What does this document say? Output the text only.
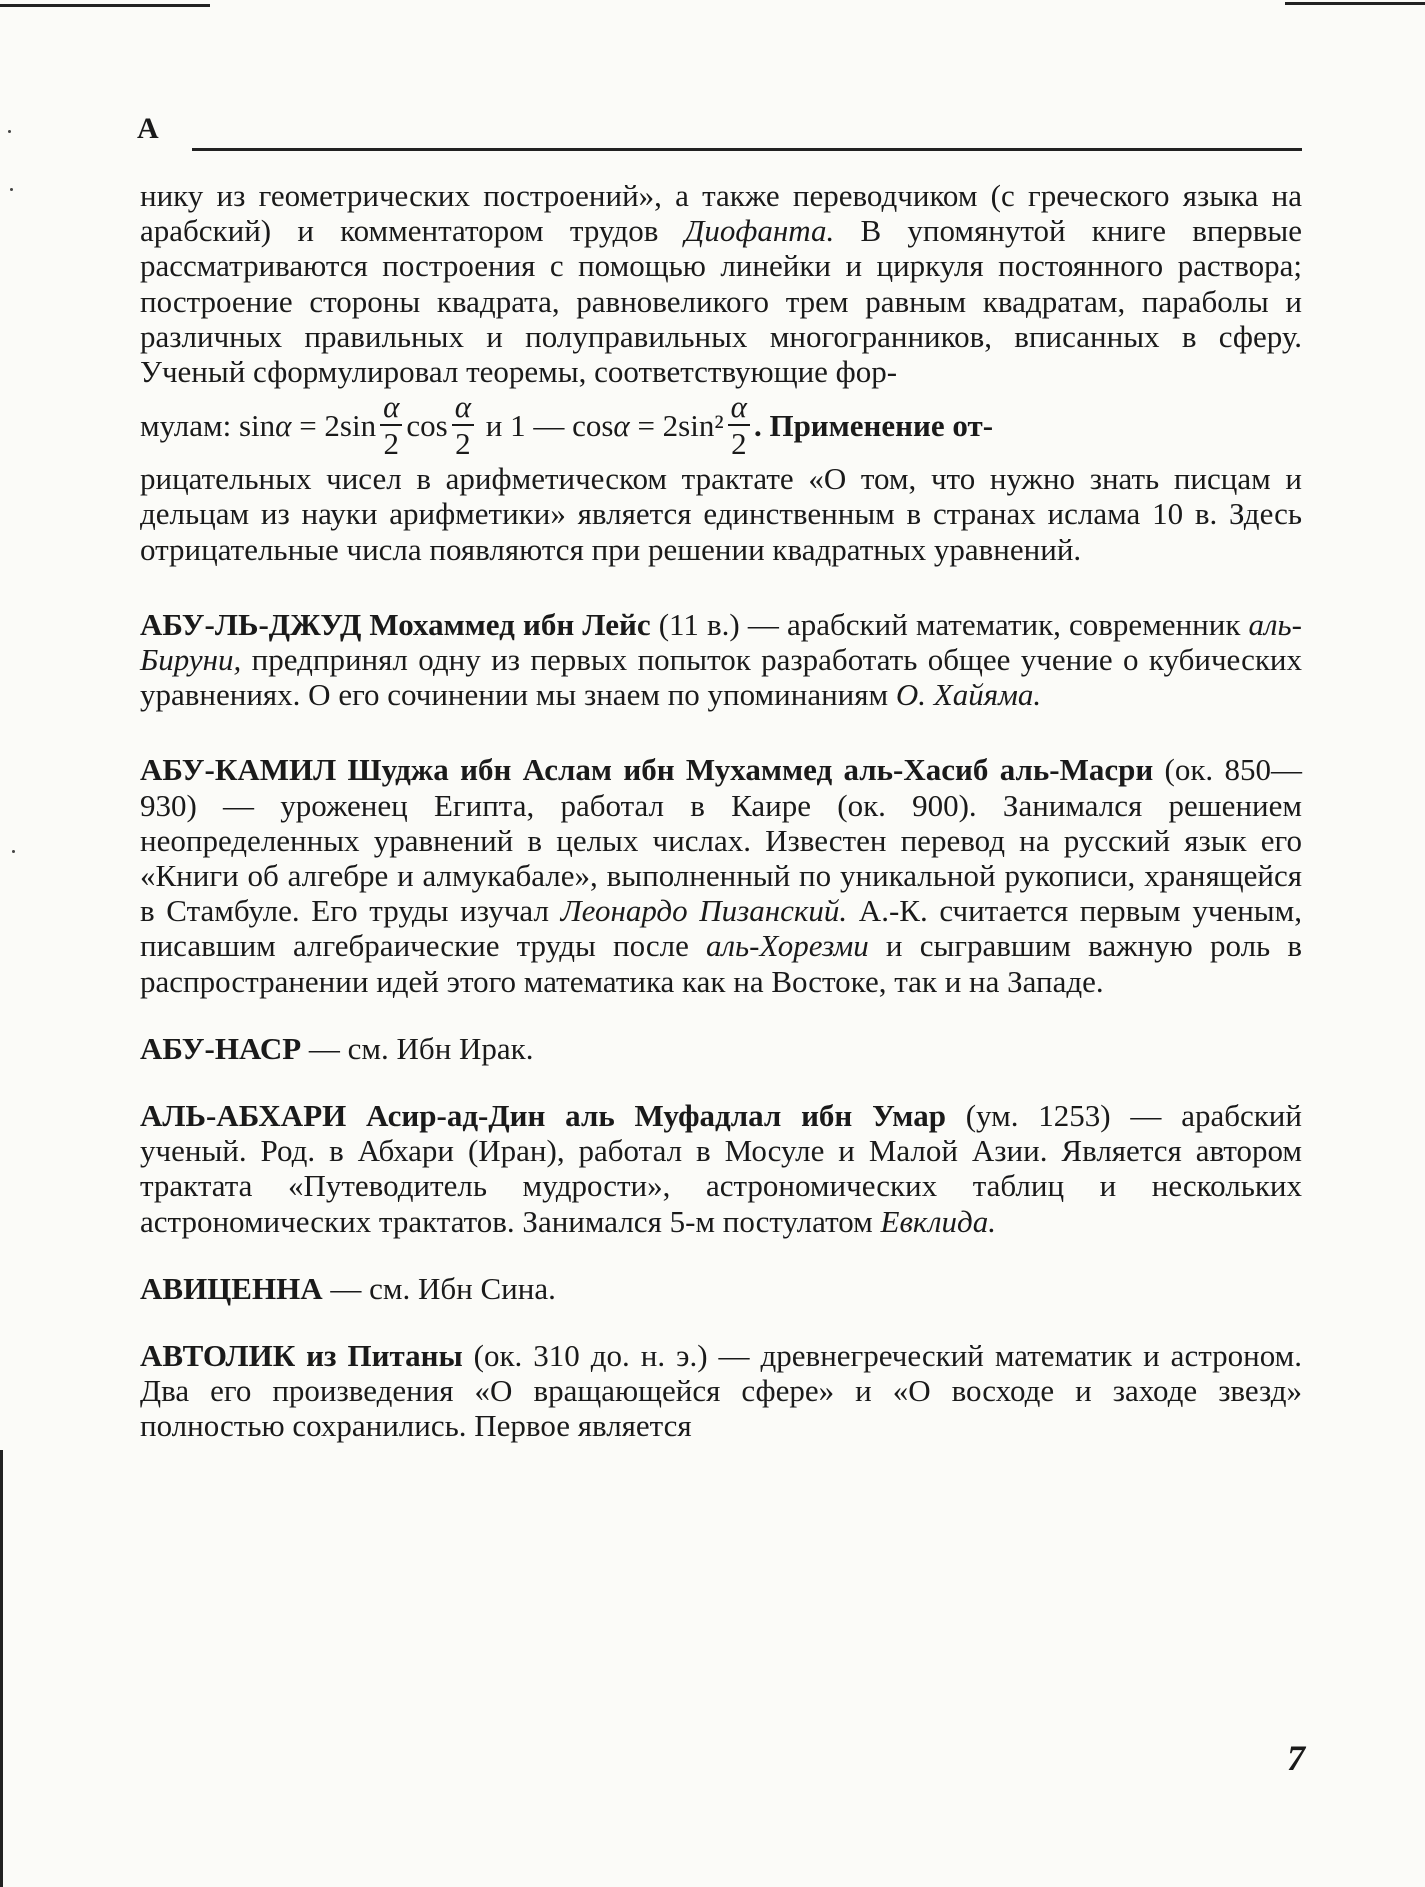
А

нику из геометрических построений», а также переводчиком (с греческого языка на арабский) и комментатором трудов Диофанта. В упомянутой книге впервые рассматриваются построения с помощью линейки и циркуля постоянного раствора; построение стороны квадрата, равновеликого трем равным квадратам, параболы и различных правильных и полуправильных многогранников, вписанных в сферу. Ученый сформулировал теоремы, соответствующие фор-

мулам:
sin α
= $2\sin \frac{\alpha}{2}$ $\cos \frac{\alpha}{2}$
и
1 — cos α
= $2\sin^2 \frac{\alpha}{2}$ . Применение от-

рицательных чисел в арифметическом трактате «О том, что нужно знать писцам и дельцам из науки арифметики» является единственным в странах ислама 10 в. Здесь отрицательные числа появляются при решении квадратных уравнений.

АБУ-ЛЬ-ДЖУД Мохаммед ибн Лейс (11 в.) — арабский математик, современник аль-Бируни, предпринял одну из первых попыток разработать общее учение о кубических уравнениях. О его сочинении мы знаем по упоминаниям О. Хайяма.

АБУ-КАМИЛ Шуджа ибн Аслам ибн Мухаммед аль-Хасиб аль-Масри (ок. 850—930) — уроженец Египта, работал в Каире (ок. 900). Занимался решением неопределенных уравнений в целых числах. Известен перевод на русский язык его «Книги об алгебре и алмукабале», выполненный по уникальной рукописи, хранящейся в Стамбуле. Его труды изучал Леонардо Пизанский. А.-К. считается первым ученым, писавшим алгебраические труды после аль-Хорезми и сыгравшим важную роль в распространении идей этого математика как на Востоке, так и на Западе.

АБУ-НАСР — см. Ибн Ирак.

АЛЬ-АБХАРИ Асир-ад-Дин аль Муфадлал ибн Умар (ум. 1253) — арабский ученый. Род. в Абхари (Иран), работал в Мосуле и Малой Азии. Является автором трактата «Путеводитель мудрости», астрономических таблиц и нескольких астрономических трактатов. Занимался 5-м постулатом Евклида.

АВИЦЕННА — см. Ибн Сина.

АВТОЛИК из Питаны (ок. 310 до. н. э.) — древнегреческий математик и астроном. Два его произведения «О вращающейся сфере» и «О восходе и заходе звезд» полностью сохранились. Первое является

7
